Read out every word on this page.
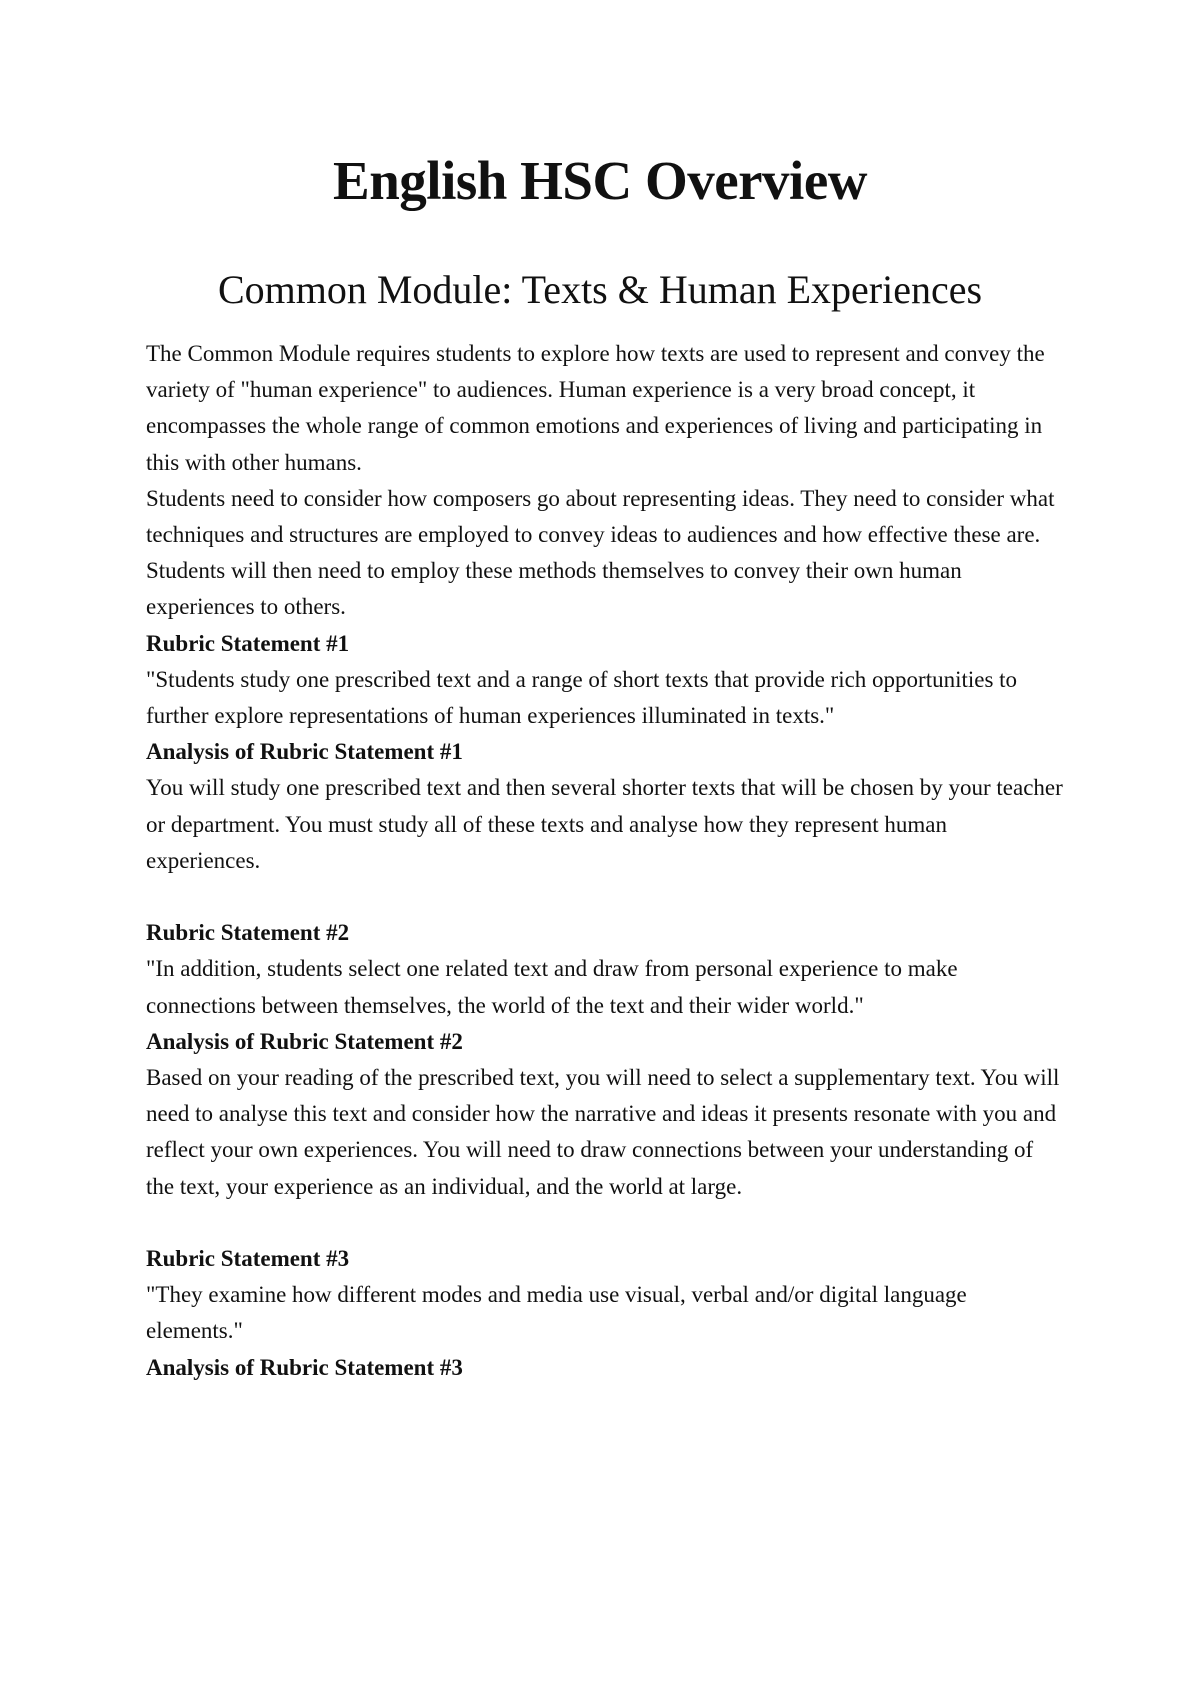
English HSC Overview
Common Module: Texts & Human Experiences

The Common Module requires students to explore how texts are used to represent and convey the variety of "human experience" to audiences. Human experience is a very broad concept, it encompasses the whole range of common emotions and experiences of living and participating in this with other humans.

Students need to consider how composers go about representing ideas. They need to consider what techniques and structures are employed to convey ideas to audiences and how effective these are. Students will then need to employ these methods themselves to convey their own human experiences to others.

Rubric Statement #1

"Students study one prescribed text and a range of short texts that provide rich opportunities to further explore representations of human experiences illuminated in texts."

Analysis of Rubric Statement #1

You will study one prescribed text and then several shorter texts that will be chosen by your teacher or department. You must study all of these texts and analyse how they represent human experiences.

Rubric Statement #2

"In addition, students select one related text and draw from personal experience to make connections between themselves, the world of the text and their wider world."

Analysis of Rubric Statement #2

Based on your reading of the prescribed text, you will need to select a supplementary text. You will need to analyse this text and consider how the narrative and ideas it presents resonate with you and reflect your own experiences. You will need to draw connections between your understanding of the text, your experience as an individual, and the world at large.

Rubric Statement #3

"They examine how different modes and media use visual, verbal and/or digital language elements."

Analysis of Rubric Statement #3
